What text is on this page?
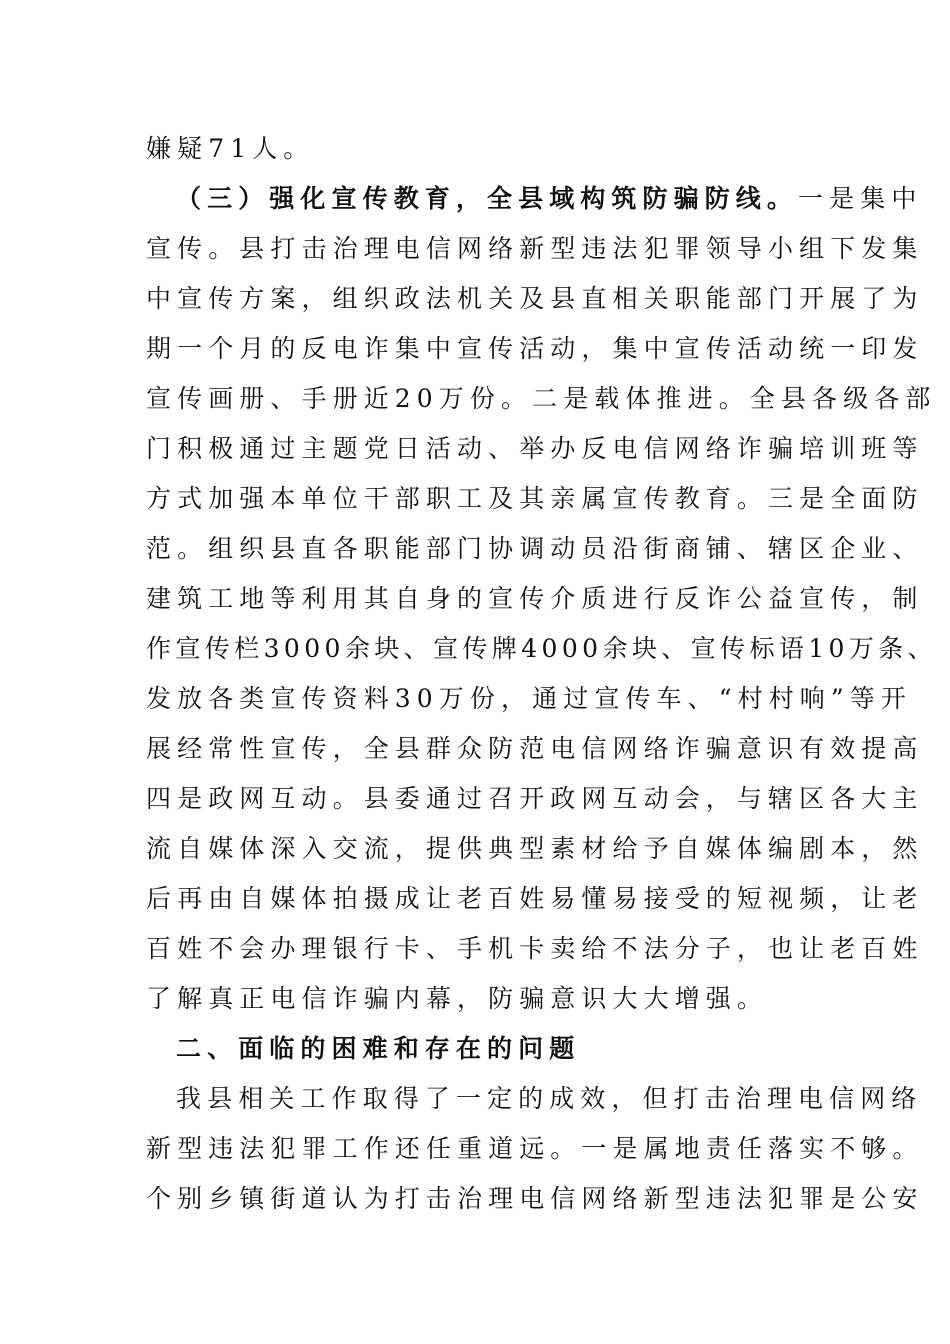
嫌疑71人。
（三）强化宣传教育，全县域构筑防骗防线。一是集中
宣传。县打击治理电信网络新型违法犯罪领导小组下发集
中宣传方案，组织政法机关及县直相关职能部门开展了为
期一个月的反电诈集中宣传活动，集中宣传活动统一印发
宣传画册、手册近20万份。二是载体推进。全县各级各部
门积极通过主题党日活动、举办反电信网络诈骗培训班等
方式加强本单位干部职工及其亲属宣传教育。三是全面防
范。组织县直各职能部门协调动员沿街商铺、辖区企业、
建筑工地等利用其自身的宣传介质进行反诈公益宣传，制
作宣传栏3000余块、宣传牌4000余块、宣传标语10万条、
发放各类宣传资料30万份，通过宣传车、“村村响”等开
展经常性宣传，全县群众防范电信网络诈骗意识有效提高
四是政网互动。县委通过召开政网互动会，与辖区各大主
流自媒体深入交流，提供典型素材给予自媒体编剧本，然
后再由自媒体拍摄成让老百姓易懂易接受的短视频，让老
百姓不会办理银行卡、手机卡卖给不法分子，也让老百姓
了解真正电信诈骗内幕，防骗意识大大增强。
二、面临的困难和存在的问题
我县相关工作取得了一定的成效，但打击治理电信网络
新型违法犯罪工作还任重道远。一是属地责任落实不够。
个别乡镇街道认为打击治理电信网络新型违法犯罪是公安
